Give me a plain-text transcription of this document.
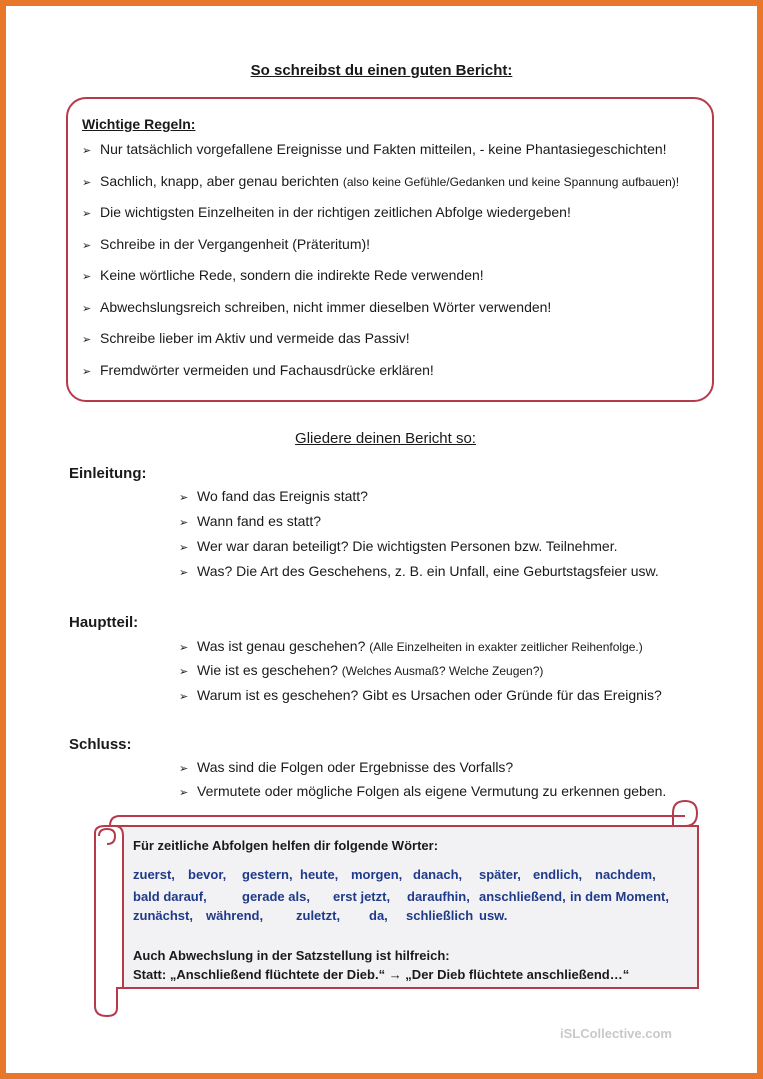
So schreibst du einen guten Bericht:
Wichtige Regeln:
➢ Nur tatsächlich vorgefallene Ereignisse und Fakten mitteilen, - keine Phantasiegeschichten!
➢ Sachlich, knapp, aber genau berichten (also keine Gefühle/Gedanken und keine Spannung aufbauen)!
➢ Die wichtigsten Einzelheiten in der richtigen zeitlichen Abfolge wiedergeben!
➢ Schreibe in der Vergangenheit (Präteritum)!
➢ Keine wörtliche Rede, sondern die indirekte Rede verwenden!
➢ Abwechslungsreich schreiben, nicht immer dieselben Wörter verwenden!
➢ Schreibe lieber im Aktiv und vermeide das Passiv!
➢ Fremdwörter vermeiden und Fachausdrücke erklären!
Gliedere deinen Bericht so:
Einleitung:
➢ Wo fand das Ereignis statt?
➢ Wann fand es statt?
➢ Wer war daran beteiligt? Die wichtigsten Personen bzw. Teilnehmer.
➢ Was? Die Art des Geschehens, z. B. ein Unfall, eine Geburtstagsfeier usw.
Hauptteil:
➢ Was ist genau geschehen? (Alle Einzelheiten in exakter zeitlicher Reihenfolge.)
➢ Wie ist es geschehen? (Welches Ausmaß? Welche Zeugen?)
➢ Warum ist es geschehen? Gibt es Ursachen oder Gründe für das Ereignis?
Schluss:
➢ Was sind die Folgen oder Ergebnisse des Vorfalls?
➢ Vermutete oder mögliche Folgen als eigene Vermutung zu erkennen geben.
Für zeitliche Abfolgen helfen dir folgende Wörter:
zuerst, bevor, gestern, heute, morgen, danach, später, endlich, nachdem,
bald darauf,	gerade als, erst jetzt, daraufhin, anschließend, in dem Moment,
zunächst, während,	zuletzt, da, schließlich usw.
Auch Abwechslung in der Satzstellung ist hilfreich:
Statt: „Anschließend flüchtete der Dieb.“ → „Der Dieb flüchtete anschließend…“
iSLCollective.com
